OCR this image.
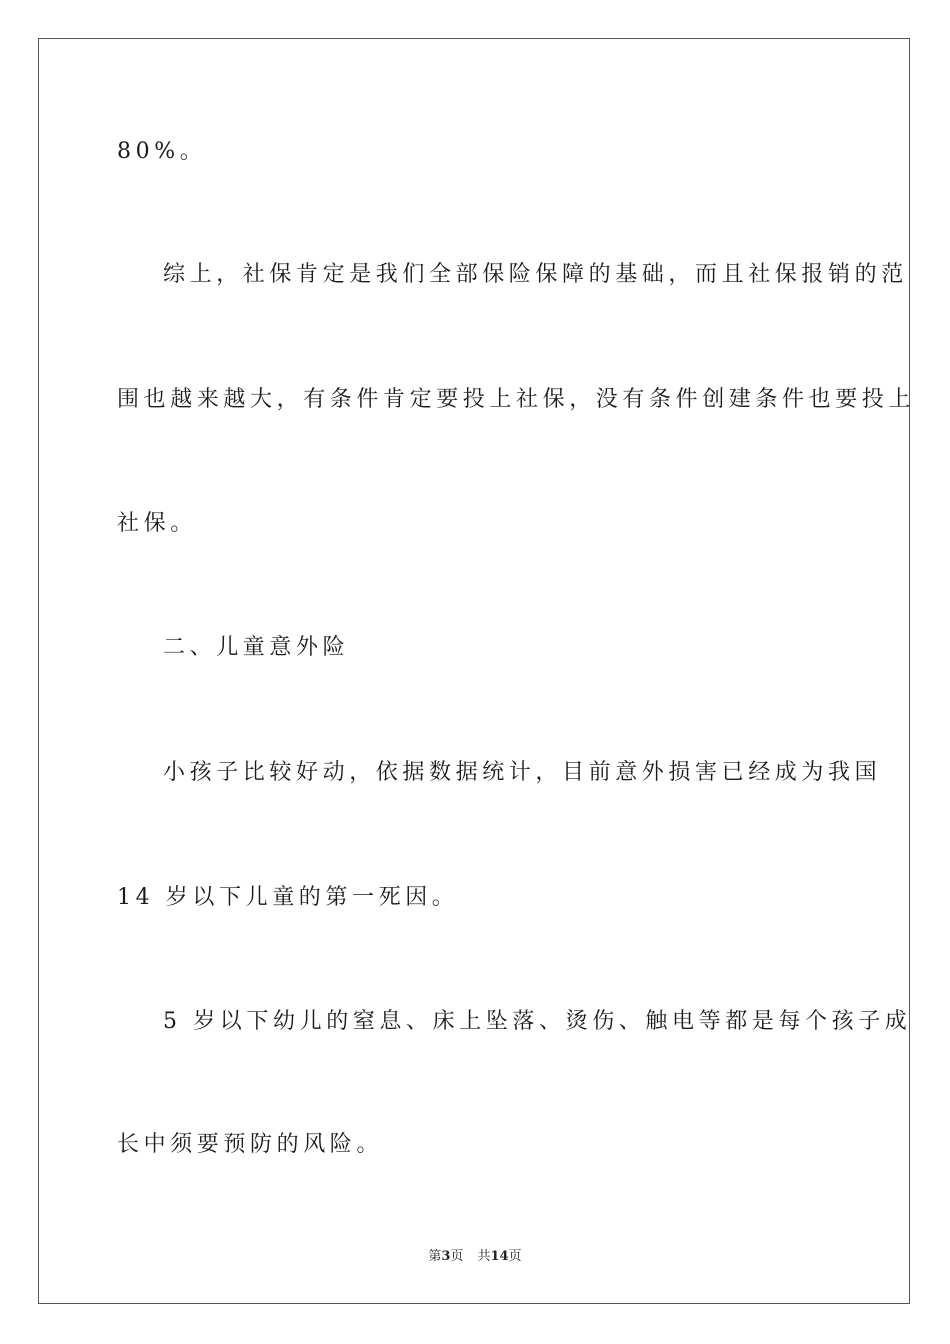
80%。
综上，社保肯定是我们全部保险保障的基础，而且社保报销的范
围也越来越大，有条件肯定要投上社保，没有条件创建条件也要投上
社保。
二、儿童意外险
小孩子比较好动，依据数据统计，目前意外损害已经成为我国
14 岁以下儿童的第一死因。
5 岁以下幼儿的窒息、床上坠落、烫伤、触电等都是每个孩子成
长中须要预防的风险。
第3页 共14页
